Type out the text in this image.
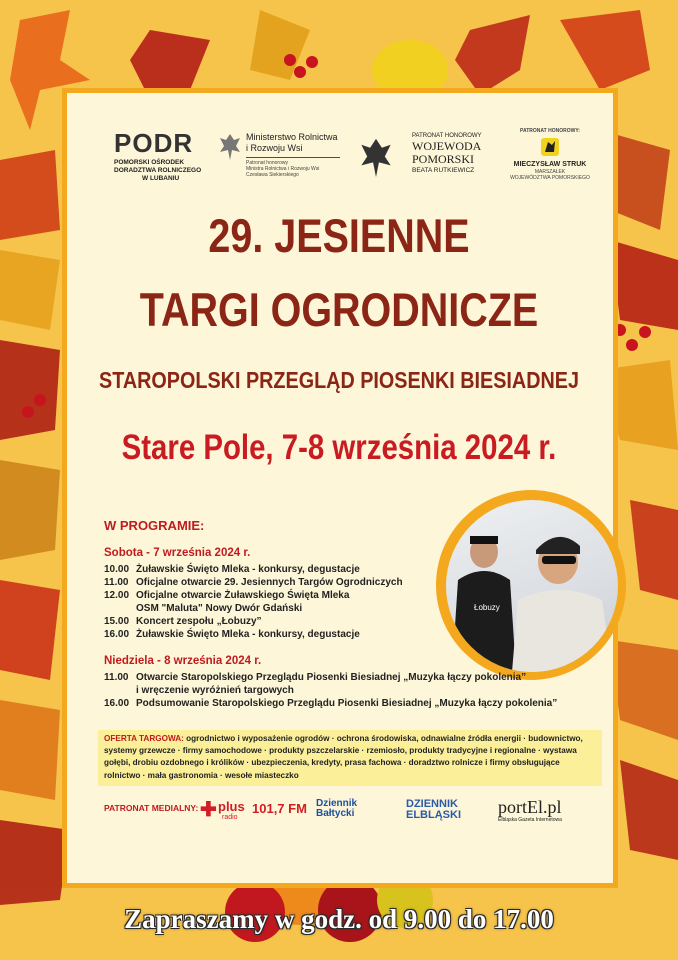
PODR
POMORSKI OŚRODEK
DORADZTWA ROLNICZEGO
W LUBANIU
Ministerstwo Rolnictwa
i Rozwoju Wsi
Patronat honorowy
Ministra Rolnictwa i Rozwoju Wsi
Czesława Siekierskiego
PATRONAT HONOROWY
WOJEWODA
POMORSKI
BEATA RUTKIEWICZ
PATRONAT HONOROWY:
MIECZYSŁAW STRUK
MARSZAŁEK
WOJEWÓDZTWA POMORSKIEGO
29. JESIENNE
TARGI OGRODNICZE
STAROPOLSKI PRZEGLĄD PIOSENKI BIESIADNEJ
Stare Pole, 7-8 września 2024 r.
Łobuzy
W PROGRAMIE:
Sobota - 7 września 2024 r.
10.00 Żuławskie Święto Mleka - konkursy, degustacje
11.00 Oficjalne otwarcie 29. Jesiennych Targów Ogrodniczych
12.00 Oficjalne otwarcie Żuławskiego Święta Mleka
OSM "Maluta" Nowy Dwór Gdański
15.00 Koncert zespołu „Łobuzy”
16.00 Żuławskie Święto Mleka - konkursy, degustacje
Niedziela - 8 września 2024 r.
11.00 Otwarcie Staropolskiego Przeglądu Piosenki Biesiadnej „Muzyka łączy pokolenia”
i wręczenie wyróżnień targowych
16.00 Podsumowanie Staropolskiego Przeglądu Piosenki Biesiadnej „Muzyka łączy pokolenia”
OFERTA TARGOWA: ogrodnictwo i wyposażenie ogrodów · ochrona środowiska, odnawialne źródła energii · budownictwo, systemy grzewcze · firmy samochodowe · produkty pszczelarskie · rzemiosło, produkty tradycyjne i regionalne · wystawa gołębi, drobiu ozdobnego i królików · ubezpieczenia, kredyty, prasa fachowa · doradztwo rolnicze i firmy obsługujące rolnictwo · mała gastronomia · wesołe miasteczko
PATRONAT MEDIALNY: ✚ plus
radio
101,7 FM Dziennik
Bałtycki
DZIENNIK
ELBLĄSKI portEl.pl
Elbląska Gazeta Internetowa
Zapraszamy w godz. od 9.00 do 17.00
